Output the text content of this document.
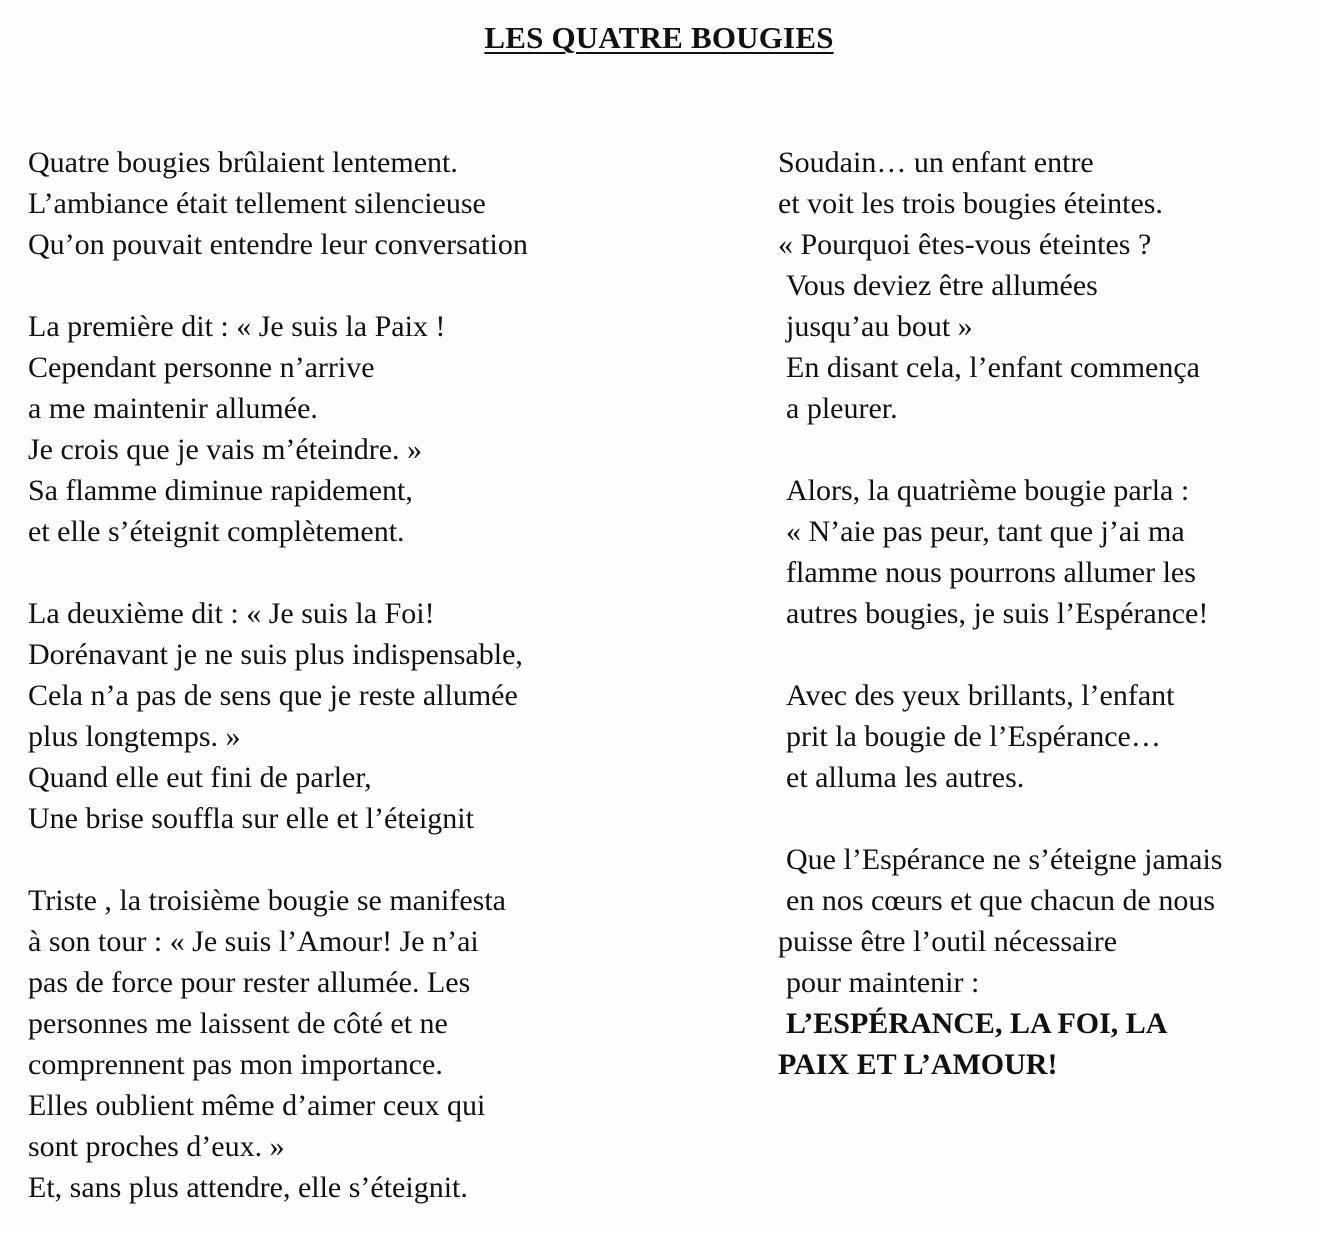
LES QUATRE BOUGIES
Quatre bougies brûlaient lentement.
L’ambiance était tellement silencieuse
Qu’on pouvait entendre leur conversation
La première dit : « Je suis la Paix !
Cependant personne n’arrive
a me maintenir allumée.
Je crois que je vais m’éteindre. »
Sa flamme diminue rapidement,
et elle s’éteignit complètement.
La deuxième dit : « Je suis la Foi!
Dorénavant je ne suis plus indispensable,
Cela n’a pas de sens que je reste allumée
plus longtemps. »
Quand elle eut fini de parler,
Une brise souffla sur elle et l’éteignit
Triste , la troisième bougie se manifesta
à son tour : « Je suis l’Amour! Je n’ai
pas de force pour rester allumée. Les
personnes me laissent de côté et ne
comprennent pas mon importance.
Elles oublient même d’aimer ceux qui
sont proches d’eux. »
Et, sans plus attendre, elle s’éteignit.
Soudain… un enfant entre
et voit les trois bougies éteintes.
« Pourquoi êtes-vous éteintes ?
Vous deviez être allumées
jusqu’au bout »
En disant cela, l’enfant commença
a pleurer.
Alors, la quatrième bougie parla :
« N’aie pas peur, tant que j’ai ma
flamme nous pourrons allumer les
autres bougies, je suis l’Espérance!
Avec des yeux brillants, l’enfant
prit la bougie de l’Espérance…
et alluma les autres.
Que l’Espérance ne s’éteigne jamais
en nos cœurs et que chacun de nous
puisse être l’outil nécessaire
pour maintenir :
L’ESPÉRANCE, LA FOI, LA
PAIX ET L’AMOUR!
